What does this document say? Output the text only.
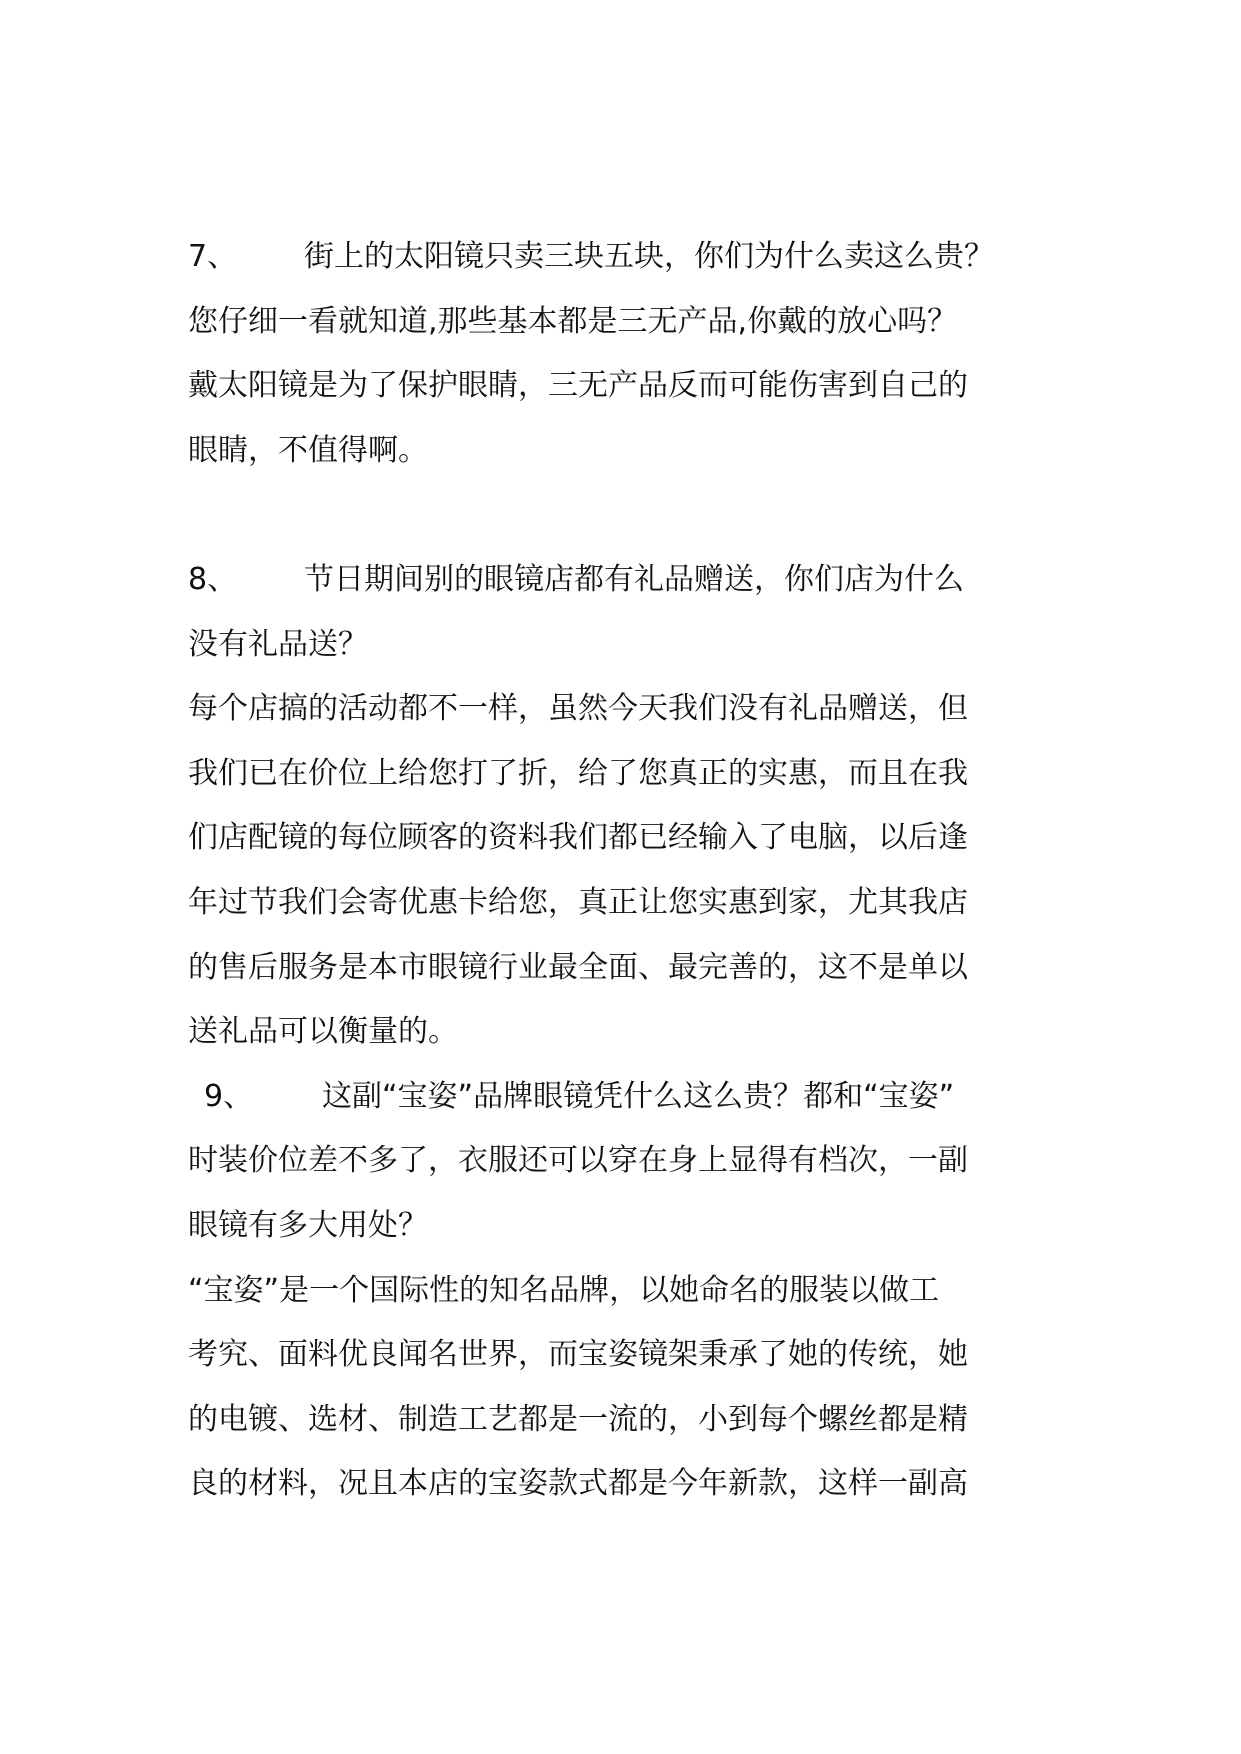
7、 街上的太阳镜只卖三块五块，你们为什么卖这么贵？
您仔细一看就知道,那些基本都是三无产品,你戴的放心吗？
戴太阳镜是为了保护眼睛，三无产品反而可能伤害到自己的
眼睛，不值得啊。
8、 节日期间别的眼镜店都有礼品赠送，你们店为什么
没有礼品送？
每个店搞的活动都不一样，虽然今天我们没有礼品赠送，但
我们已在价位上给您打了折，给了您真正的实惠，而且在我
们店配镜的每位顾客的资料我们都已经输入了电脑，以后逢
年过节我们会寄优惠卡给您，真正让您实惠到家，尤其我店
的售后服务是本市眼镜行业最全面、最完善的，这不是单以
送礼品可以衡量的。
9、 这副“宝姿”品牌眼镜凭什么这么贵？都和“宝姿”
时装价位差不多了，衣服还可以穿在身上显得有档次，一副
眼镜有多大用处？
“宝姿”是一个国际性的知名品牌，以她命名的服装以做工
考究、面料优良闻名世界，而宝姿镜架秉承了她的传统，她
的电镀、选材、制造工艺都是一流的，小到每个螺丝都是精
良的材料，况且本店的宝姿款式都是今年新款，这样一副高
